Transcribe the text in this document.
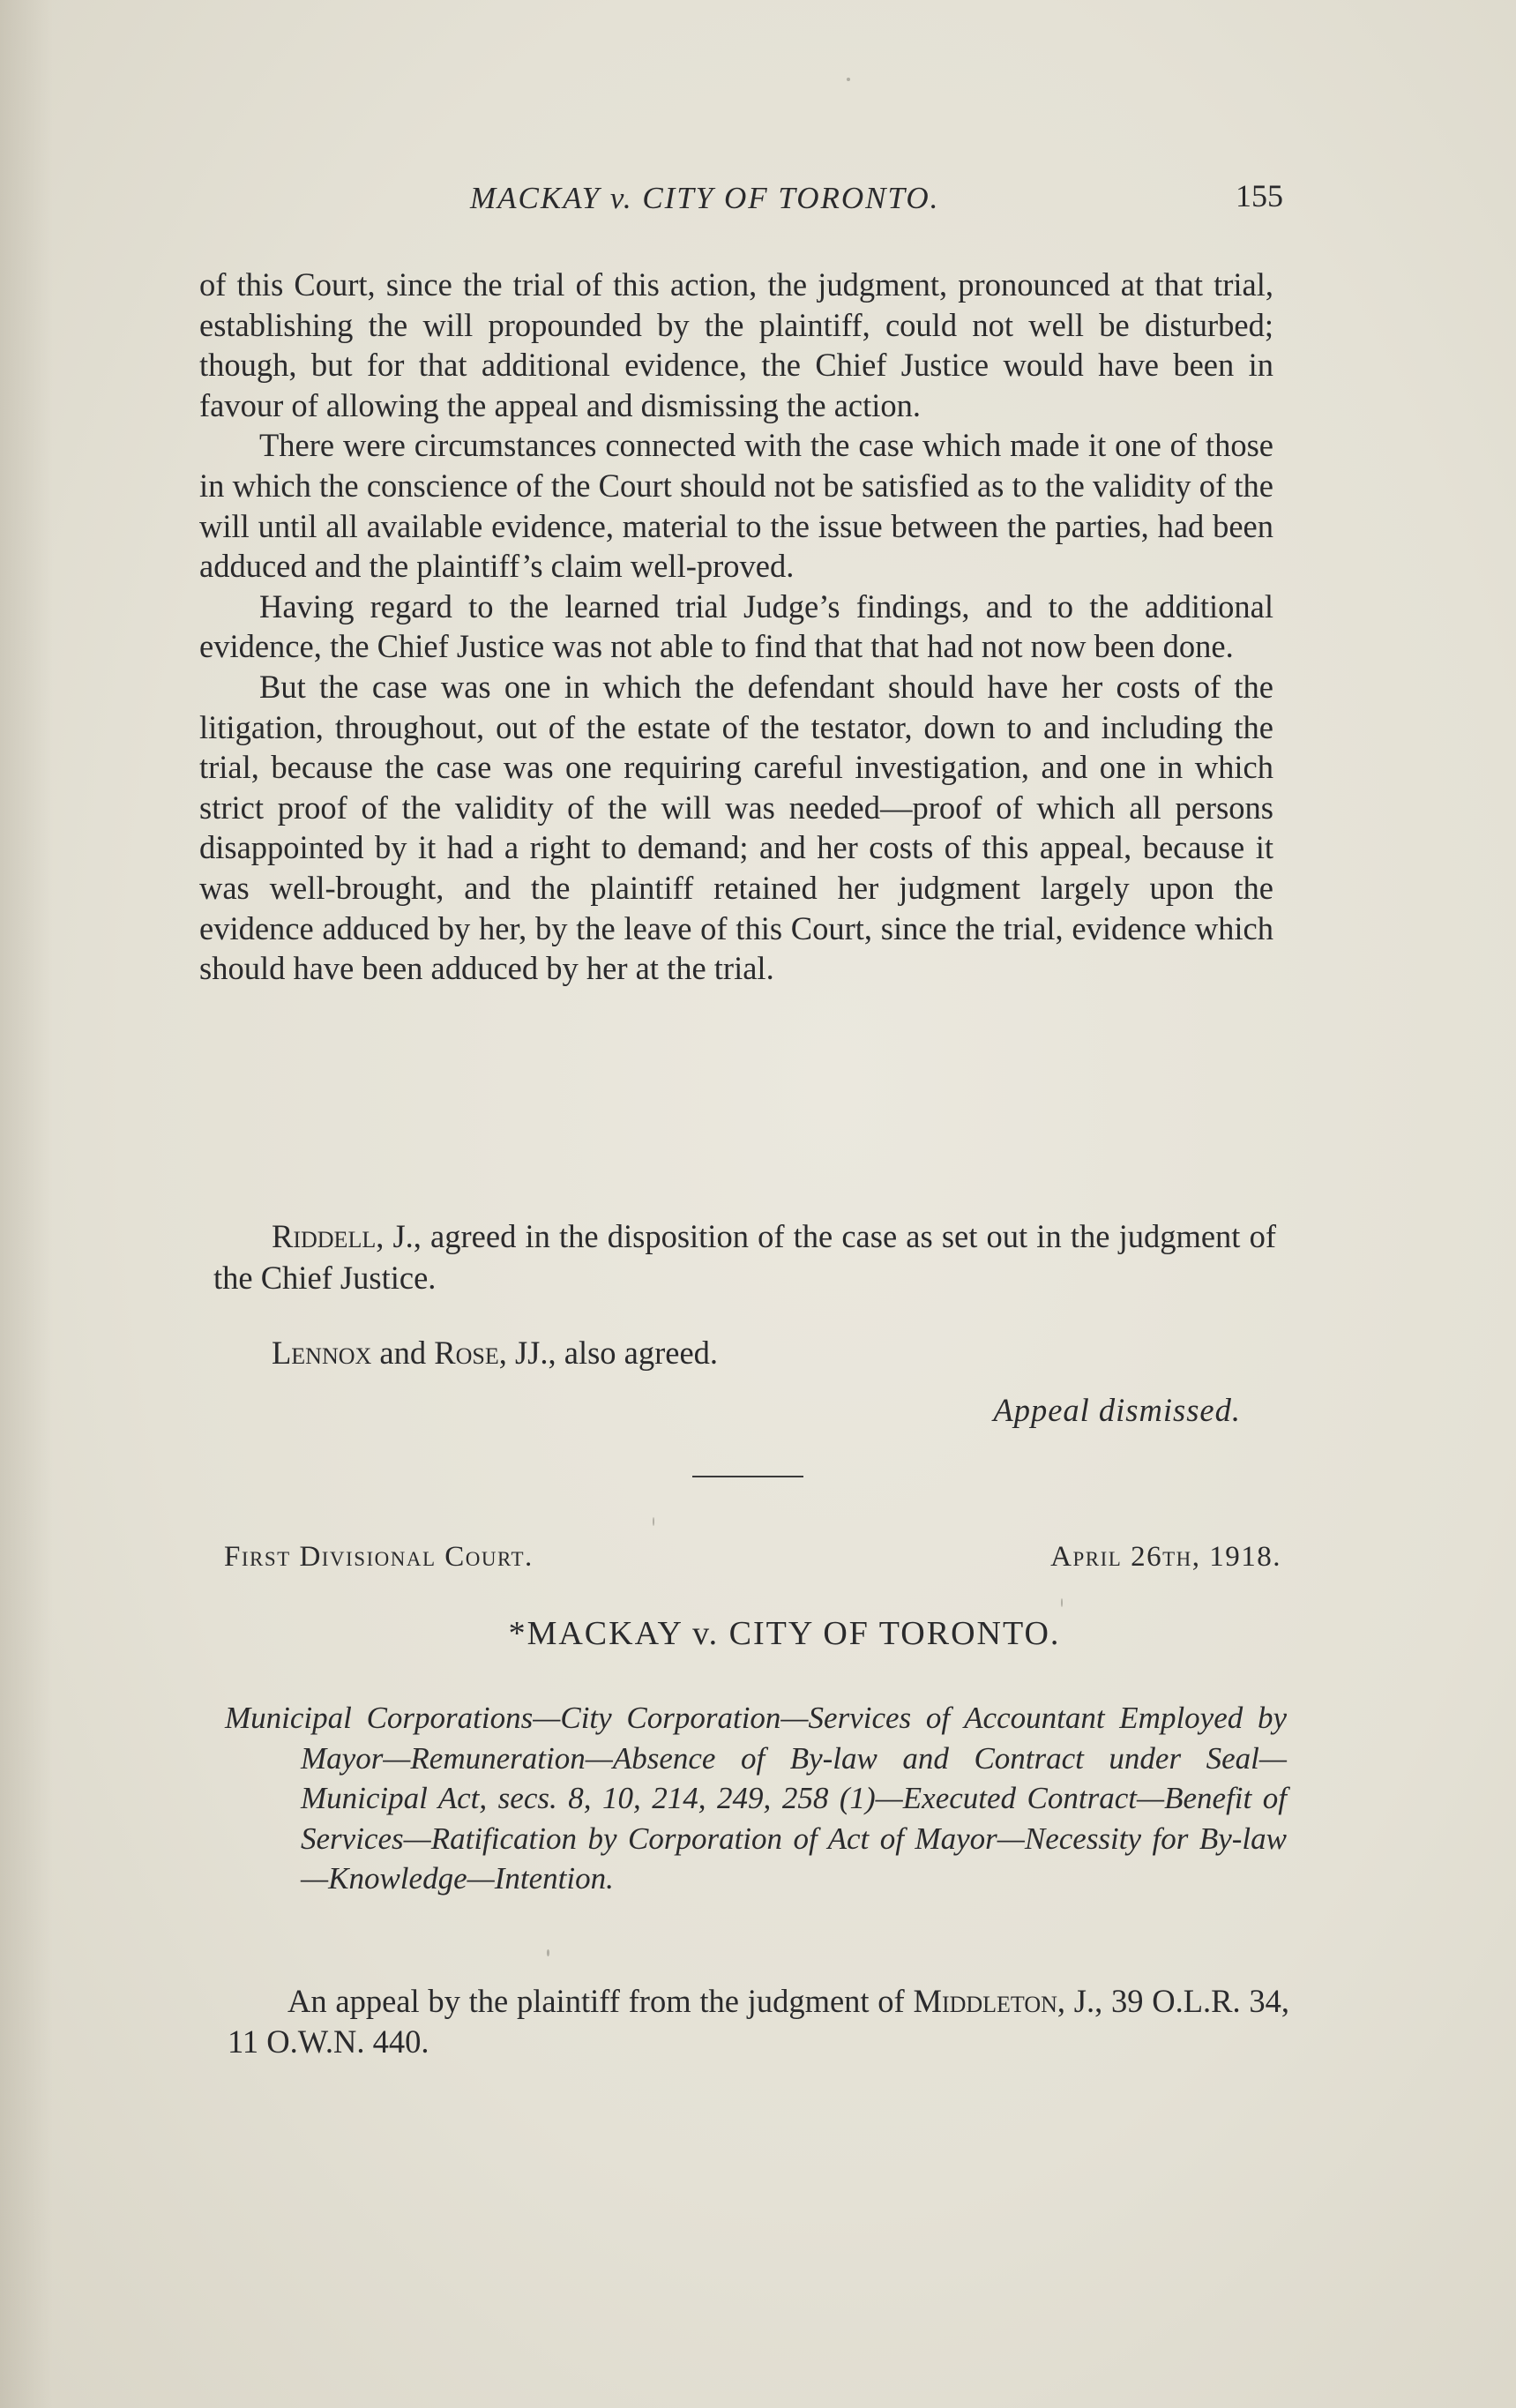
MACKAY v. CITY OF TORONTO.	155

of this Court, since the trial of this action, the judgment, pronounced at that trial, establishing the will propounded by the plaintiff, could not well be disturbed; though, but for that additional evidence, the Chief Justice would have been in favour of allowing the appeal and dismissing the action.

There were circumstances connected with the case which made it one of those in which the conscience of the Court should not be satisfied as to the validity of the will until all available evidence, material to the issue between the parties, had been adduced and the plaintiff’s claim well-proved.

Having regard to the learned trial Judge’s findings, and to the additional evidence, the Chief Justice was not able to find that that had not now been done.

But the case was one in which the defendant should have her costs of the litigation, throughout, out of the estate of the testator, down to and including the trial, because the case was one requiring careful investigation, and one in which strict proof of the validity of the will was needed—proof of which all persons disappointed by it had a right to demand; and her costs of this appeal, because it was well-brought, and the plaintiff retained her judgment largely upon the evidence adduced by her, by the leave of this Court, since the trial, evidence which should have been adduced by her at the trial.

Riddell, J., agreed in the disposition of the case as set out in the judgment of the Chief Justice.

Lennox and Rose, JJ., also agreed.

Appeal dismissed.
First Divisional Court.	April 26th, 1918.
*MACKAY v. CITY OF TORONTO.

Municipal Corporations—City Corporation—Services of Accountant Employed by Mayor—Remuneration—Absence of By-law and Contract under Seal—Municipal Act, secs. 8, 10, 214, 249, 258 (1)—Executed Contract—Benefit of Services—Ratification by Corporation of Act of Mayor—Necessity for By-law—Knowledge—Intention.

An appeal by the plaintiff from the judgment of Middleton, J., 39 O.L.R. 34, 11 O.W.N. 440.
